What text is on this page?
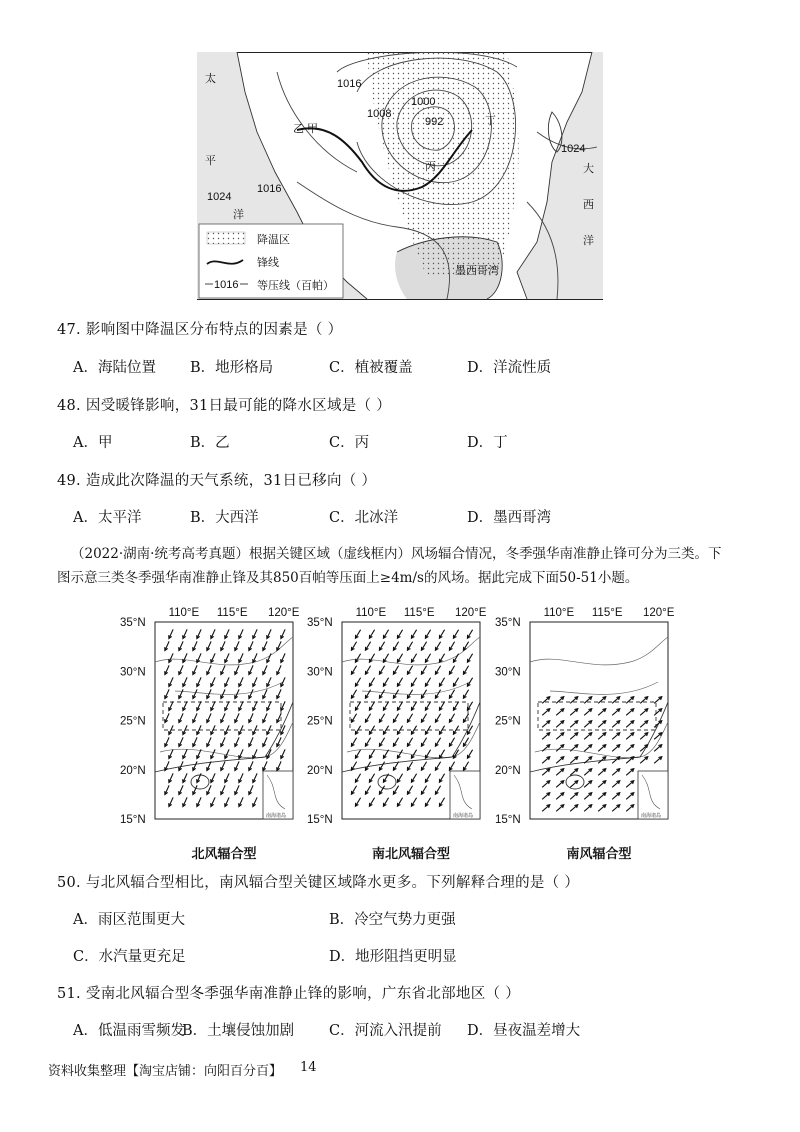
1016
1008
1000
992
1024
1016
1024
甲
乙
丙
丁
太
平
洋
大
西
洋
墨西哥湾
降温区
锋线
1016 等压线（百帕）
47. 影响图中降温区分布特点的因素是（ ）
A．海陆位置 B．地形格局	C．植被覆盖	D．洋流性质
48. 因受暖锋影响，31日最可能的降水区域是（ ）
A．甲	B．乙	C．丙	D．丁
49. 造成此次降温的天气系统，31日已移向（ ）
A．太平洋	B．大西洋	C．北冰洋	D．墨西哥湾
（2022·湖南·统考高考真题）根据关键区域（虚线框内）风场辐合情况，冬季强华南准静止锋可分为三类。下
图示意三类冬季强华南准静止锋及其850百帕等压面上≥4m/s的风场。据此完成下面50-51小题。
南海诸岛
110°E 115°E 120°E
35°N
30°N
25°N
20°N
15°N
北风辐合型
南海诸岛
110°E 115°E 120°E
35°N
30°N
25°N
20°N
15°N
南北风辐合型
南海诸岛
110°E 115°E 120°E
35°N
30°N
25°N
20°N
15°N
南风辐合型
50. 与北风辐合型相比，南风辐合型关键区域降水更多。下列解释合理的是（ ）
A．雨区范围更大	B．冷空气势力更强
C．水汽量更充足	D．地形阻挡更明显
51. 受南北风辐合型冬季强华南准静止锋的影响，广东省北部地区（ ）
A．低温雨雪频发
B．土壤侵蚀加剧 C．河流入汛提前 D．昼夜温差增大
资料收集整理【淘宝店铺：向阳百分百】 14
